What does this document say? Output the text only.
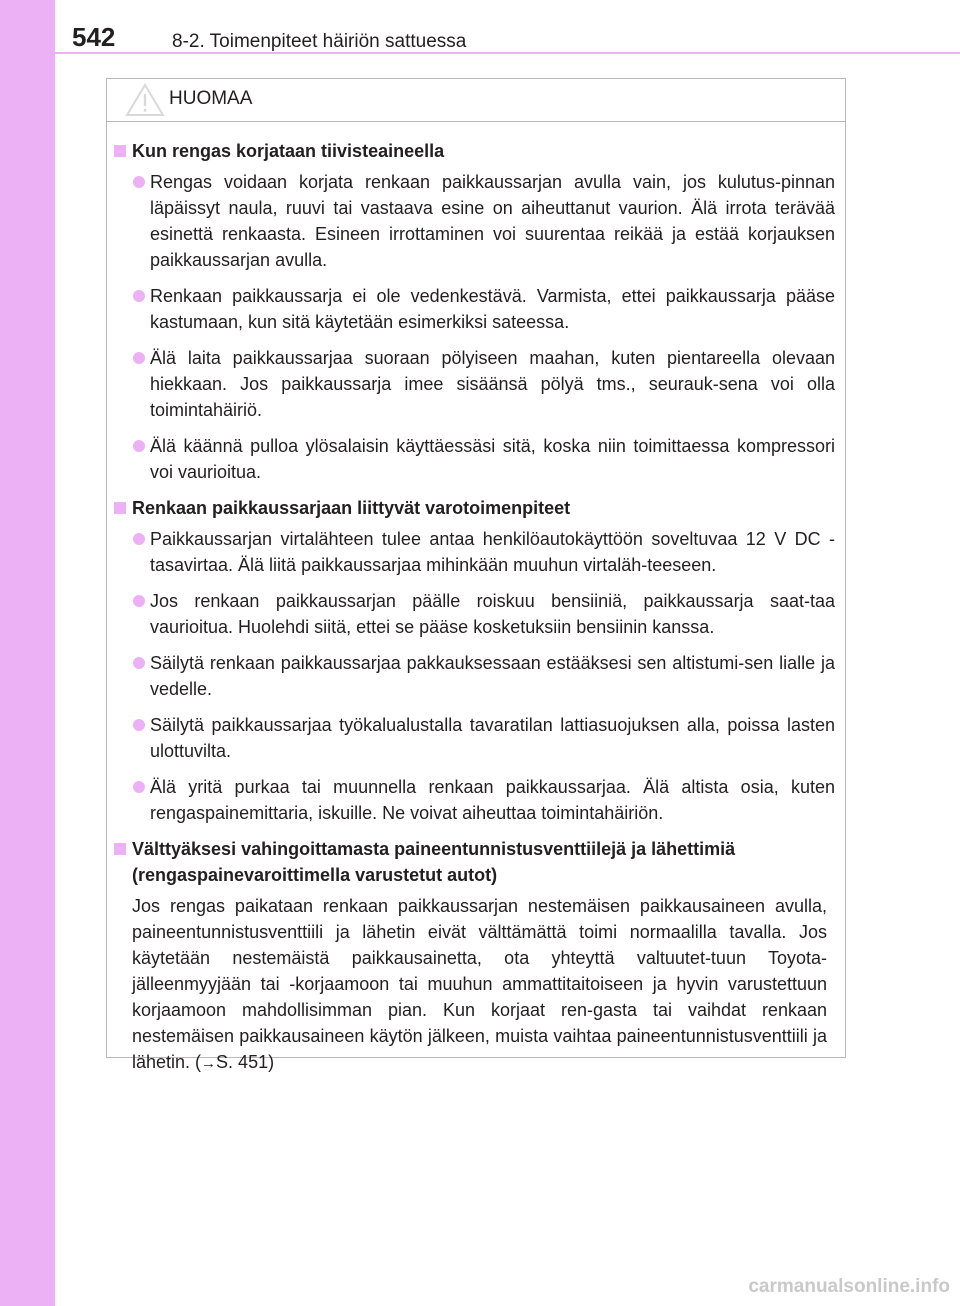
542	8-2. Toimenpiteet häiriön sattuessa
HUOMAA
Kun rengas korjataan tiivisteaineella
Rengas voidaan korjata renkaan paikkaussarjan avulla vain, jos kulutus-pinnan läpäissyt naula, ruuvi tai vastaava esine on aiheuttanut vaurion. Älä irrota terävää esinettä renkaasta. Esineen irrottaminen voi suurentaa reikää ja estää korjauksen paikkaussarjan avulla.
Renkaan paikkaussarja ei ole vedenkestävä. Varmista, ettei paikkaussarja pääse kastumaan, kun sitä käytetään esimerkiksi sateessa.
Älä laita paikkaussarjaa suoraan pölyiseen maahan, kuten pientareella olevaan hiekkaan. Jos paikkaussarja imee sisäänsä pölyä tms., seurauk-sena voi olla toimintahäiriö.
Älä käännä pulloa ylösalaisin käyttäessäsi sitä, koska niin toimittaessa kompressori voi vaurioitua.
Renkaan paikkaussarjaan liittyvät varotoimenpiteet
Paikkaussarjan virtalähteen tulee antaa henkilöautokäyttöön soveltuvaa 12 V DC -tasavirtaa. Älä liitä paikkaussarjaa mihinkään muuhun virtaläh-teeseen.
Jos renkaan paikkaussarjan päälle roiskuu bensiiniä, paikkaussarja saat-taa vaurioitua. Huolehdi siitä, ettei se pääse kosketuksiin bensiinin kanssa.
Säilytä renkaan paikkaussarjaa pakkauksessaan estääksesi sen altistumi-sen lialle ja vedelle.
Säilytä paikkaussarjaa työkalualustalla tavaratilan lattiasuojuksen alla, poissa lasten ulottuvilta.
Älä yritä purkaa tai muunnella renkaan paikkaussarjaa. Älä altista osia, kuten rengaspainemittaria, iskuille. Ne voivat aiheuttaa toimintahäiriön.
Välttyäksesi vahingoittamasta paineentunnistusventtiilejä ja lähettimiä (rengaspainevaroittimella varustetut autot)
Jos rengas paikataan renkaan paikkaussarjan nestemäisen paikkausaineen avulla, paineentunnistusventtiili ja lähetin eivät välttämättä toimi normaalilla tavalla. Jos käytetään nestemäistä paikkausainetta, ota yhteyttä valtuutet-tuun Toyota-jälleenmyyjään tai -korjaamoon tai muuhun ammattitaitoiseen ja hyvin varustettuun korjaamoon mahdollisimman pian. Kun korjaat ren-gasta tai vaihdat renkaan nestemäisen paikkausaineen käytön jälkeen, muista vaihtaa paineentunnistusventtiili ja lähetin. (→S. 451)
carmanualsonline.info
